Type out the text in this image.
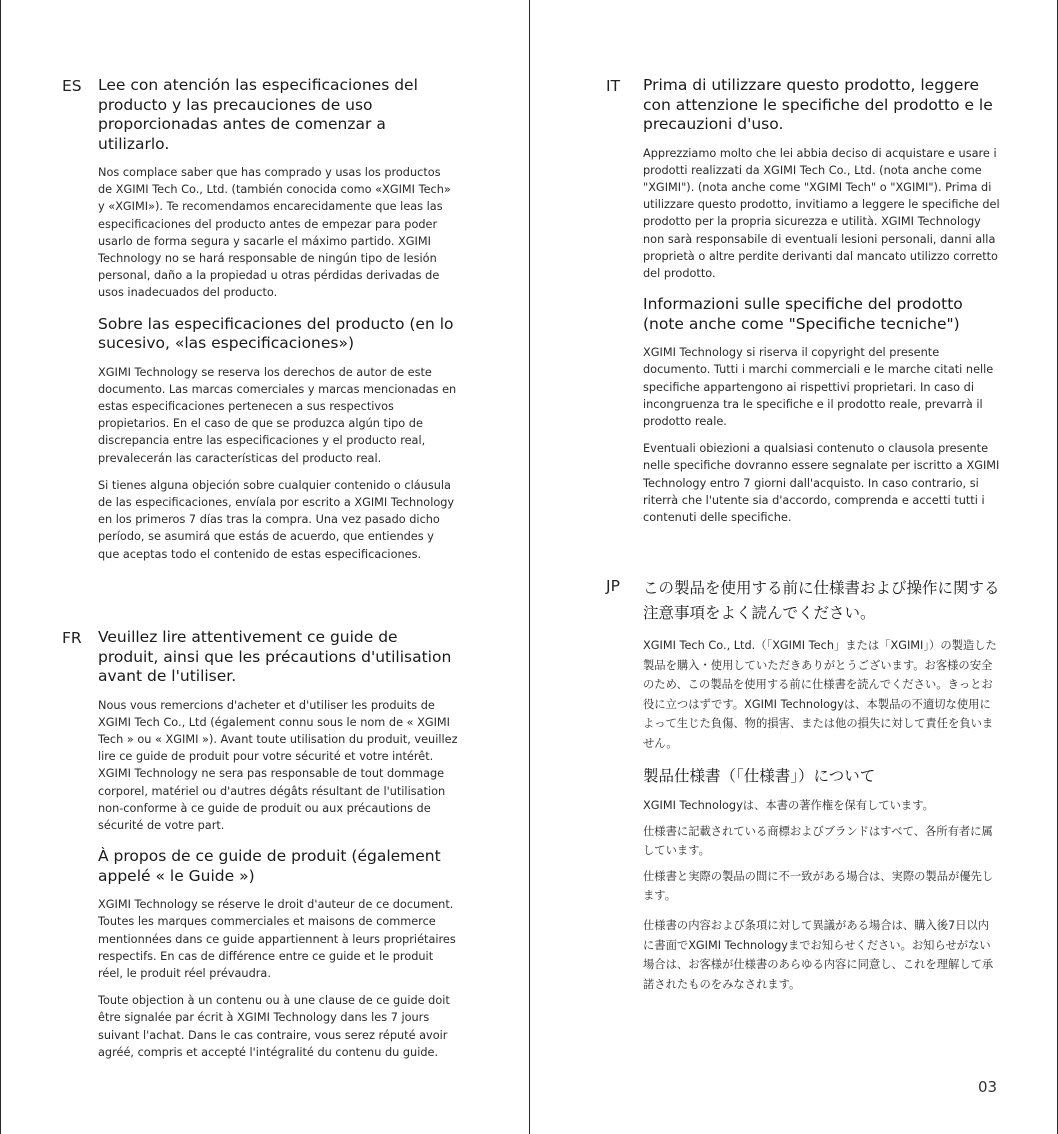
ES Lee con atención las especificaciones del producto y las precauciones de uso proporcionadas antes de comenzar a utilizarlo.

Nos complace saber que has comprado y usas los productos de XGIMI Tech Co., Ltd. (también conocida como «XGIMI Tech» y «XGIMI»). Te recomendamos encarecidamente que leas las especificaciones del producto antes de empezar para poder usarlo de forma segura y sacarle el máximo partido. XGIMI Technology no se hará responsable de ningún tipo de lesión personal, daño a la propiedad u otras pérdidas derivadas de usos inadecuados del producto.

Sobre las especificaciones del producto (en lo sucesivo, «las especificaciones»)

XGIMI Technology se reserva los derechos de autor de este documento. Las marcas comerciales y marcas mencionadas en estas especificaciones pertenecen a sus respectivos propietarios. En el caso de que se produzca algún tipo de discrepancia entre las especificaciones y el producto real, prevalecerán las características del producto real.

Si tienes alguna objeción sobre cualquier contenido o cláusula de las especificaciones, envíala por escrito a XGIMI Technology en los primeros 7 días tras la compra. Una vez pasado dicho período, se asumirá que estás de acuerdo, que entiendes y que aceptas todo el contenido de estas especificaciones.

FR Veuillez lire attentivement ce guide de produit, ainsi que les précautions d'utilisation avant de l'utiliser.

Nous vous remercions d'acheter et d'utiliser les produits de XGIMI Tech Co., Ltd (également connu sous le nom de « XGIMI Tech » ou « XGIMI »). Avant toute utilisation du produit, veuillez lire ce guide de produit pour votre sécurité et votre intérêt. XGIMI Technology ne sera pas responsable de tout dommage corporel, matériel ou d'autres dégâts résultant de l'utilisation non-conforme à ce guide de produit ou aux précautions de sécurité de votre part.

À propos de ce guide de produit (également appelé « le Guide »)

XGIMI Technology se réserve le droit d'auteur de ce document. Toutes les marques commerciales et maisons de commerce mentionnées dans ce guide appartiennent à leurs propriétaires respectifs. En cas de différence entre ce guide et le produit réel, le produit réel prévaudra.

Toute objection à un contenu ou à une clause de ce guide doit être signalée par écrit à XGIMI Technology dans les 7 jours suivant l'achat. Dans le cas contraire, vous serez réputé avoir agréé, compris et accepté l'intégralité du contenu du guide.

IT Prima di utilizzare questo prodotto, leggere con attenzione le specifiche del prodotto e le precauzioni d'uso.

Apprezziamo molto che lei abbia deciso di acquistare e usare i prodotti realizzati da XGIMI Tech Co., Ltd. (nota anche come "XGIMI"). (nota anche come "XGIMI Tech" o "XGIMI"). Prima di utilizzare questo prodotto, invitiamo a leggere le specifiche del prodotto per la propria sicurezza e utilità. XGIMI Technology non sarà responsabile di eventuali lesioni personali, danni alla proprietà o altre perdite derivanti dal mancato utilizzo corretto del prodotto.

Informazioni sulle specifiche del prodotto (note anche come "Specifiche tecniche")

XGIMI Technology si riserva il copyright del presente documento. Tutti i marchi commerciali e le marche citati nelle specifiche appartengono ai rispettivi proprietari. In caso di incongruenza tra le specifiche e il prodotto reale, prevarrà il prodotto reale.

Eventuali obiezioni a qualsiasi contenuto o clausola presente nelle specifiche dovranno essere segnalate per iscritto a XGIMI Technology entro 7 giorni dall'acquisto. In caso contrario, si riterrà che l'utente sia d'accordo, comprenda e accetti tutti i contenuti delle specifiche.

JP この製品を使用する前に仕様書および操作に関する注意事項をよく読んでください。

XGIMI Tech Co., Ltd.（「XGIMI Tech」または「XGIMI」）の製造した製品を購入・使用していただきありがとうございます。お客様の安全のため、この製品を使用する前に仕様書を読んでください。きっとお役に立つはずです。XGIMI Technologyは、本製品の不適切な使用によって生じた負傷、物的損害、または他の損失に対して責任を負いません。

製品仕様書（「仕様書」）について

XGIMI Technologyは、本書の著作権を保有しています。

仕様書に記載されている商標およびブランドはすべて、各所有者に属しています。

仕様書と実際の製品の間に不一致がある場合は、実際の製品が優先します。

仕様書の内容および条項に対して異議がある場合は、購入後7日以内に書面でXGIMI Technologyまでお知らせください。お知らせがない場合は、お客様が仕様書のあらゆる内容に同意し、これを理解して承諾されたものをみなされます。

03
